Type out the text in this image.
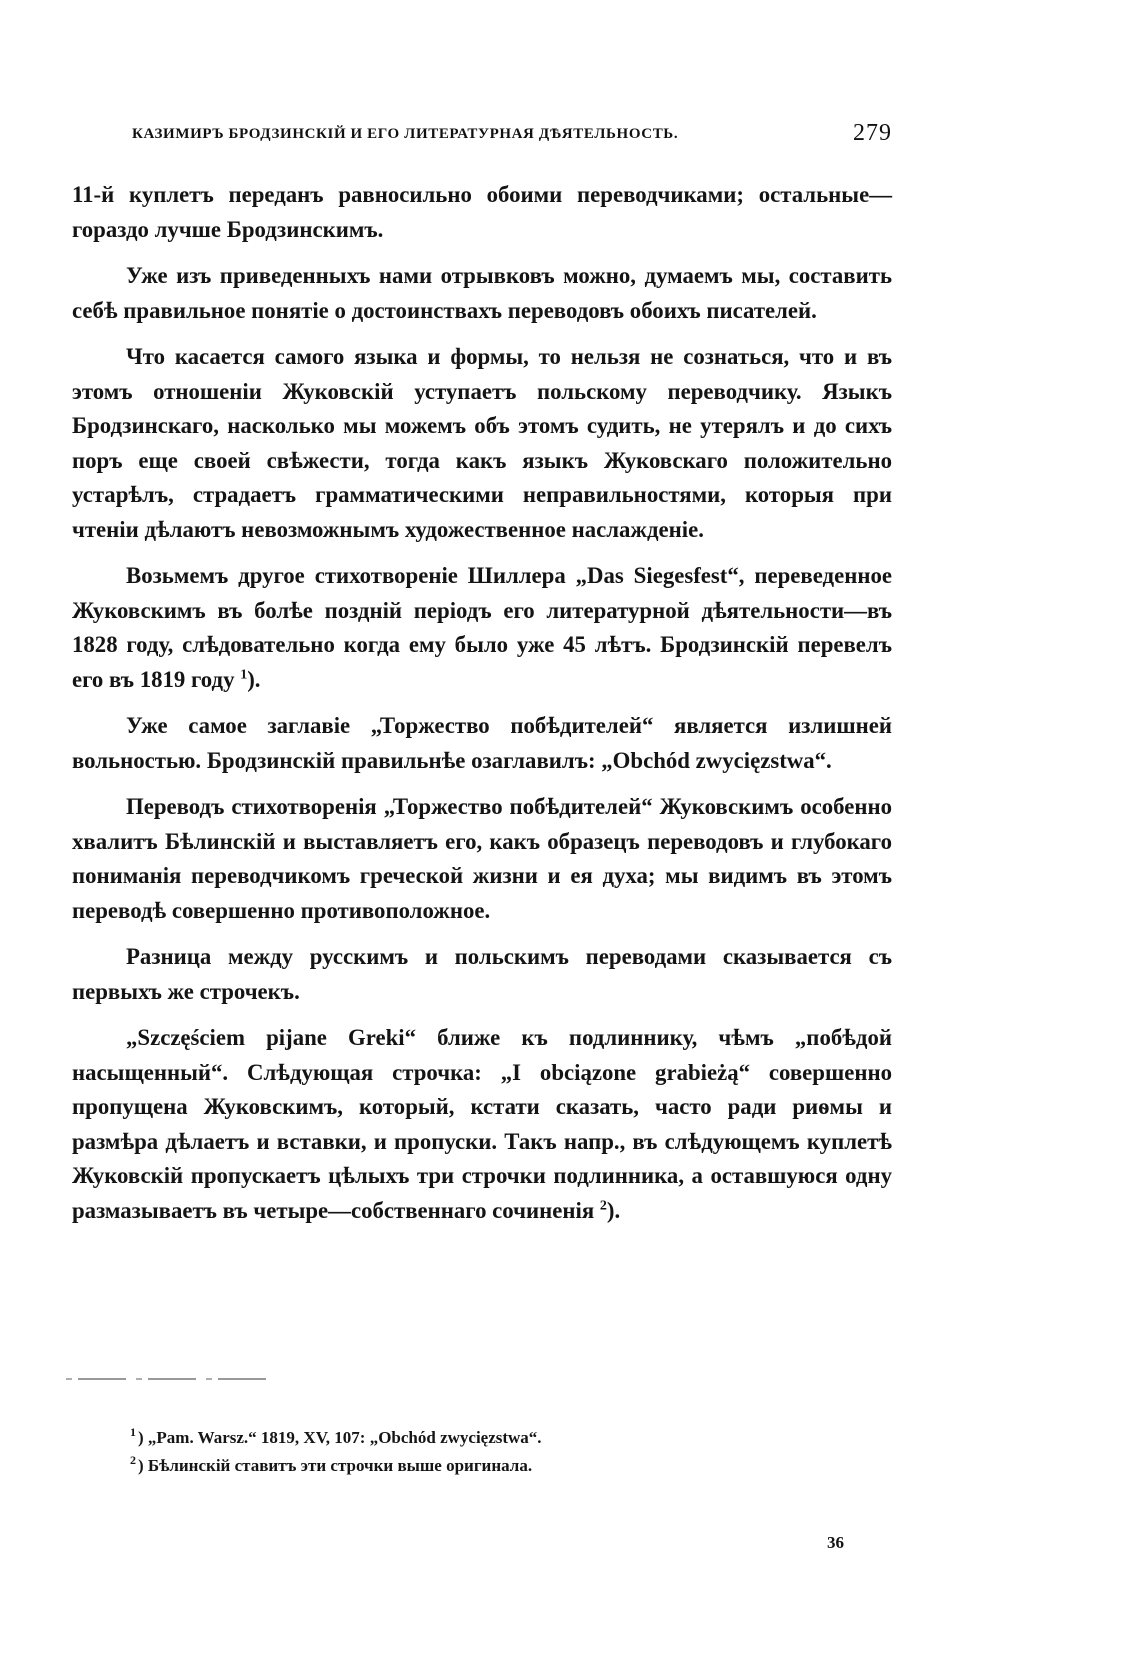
КАЗИМИРЪ БРОДЗИНСКІЙ И ЕГО ЛИТЕРАТУРНАЯ ДѢЯТЕЛЬНОСТЬ.	279

11-й куплетъ переданъ равносильно обоими переводчиками; остальные—гораздо лучше Бродзинскимъ.

Уже изъ приведенныхъ нами отрывковъ можно, думаемъ мы, составить себѣ правильное понятіе о достоинствахъ переводовъ обоихъ писателей.

Что касается самого языка и формы, то нельзя не сознаться, что и въ этомъ отношеніи Жуковскій уступаетъ польскому переводчику. Языкъ Бродзинскаго, насколько мы можемъ объ этомъ судить, не утерялъ и до сихъ поръ еще своей свѣжести, тогда какъ языкъ Жуковскаго положительно устарѣлъ, страдаетъ грамматическими неправильностями, которыя при чтеніи дѣлаютъ невозможнымъ художественное наслажденіе.

Возьмемъ другое стихотвореніе Шиллера „Das Siegesfest“, переведенное Жуковскимъ въ болѣе поздній періодъ его литературной дѣятельности—въ 1828 году, слѣдовательно когда ему было уже 45 лѣтъ. Бродзинскій перевелъ его въ 1819 году $^1$).

Уже самое заглавіе „Торжество побѣдителей“ является излишней вольностью. Бродзинскій правильнѣе озаглавилъ: „Obchód zwycięzstwa“.

Переводъ стихотворенія „Торжество побѣдителей“ Жуковскимъ особенно хвалитъ Бѣлинскій и выставляетъ его, какъ образецъ переводовъ и глубокаго пониманія переводчикомъ греческой жизни и ея духа; мы видимъ въ этомъ переводѣ совершенно противоположное.

Разница между русскимъ и польскимъ переводами сказывается съ первыхъ же строчекъ.

„Szczęściem pijane Greki“ ближе къ подлиннику, чѣмъ „побѣдой насыщенный“. Слѣдующая строчка: „I obciązone grabieżą“ совершенно пропущена Жуковскимъ, который, кстати сказать, часто ради риѳмы и размѣра дѣлаетъ и вставки, и пропуски. Такъ напр., въ слѣдующемъ куплетѣ Жуковскій пропускаетъ цѣлыхъ три строчки подлинника, а оставшуюся одну размазываетъ въ четыре—собственнаго сочиненія $^2$).

$^1$ ) „Pam. Warsz.“ 1819, XV, 107: „Obchód zwycięzstwa“.
$^2$ ) Бѣлинскій ставитъ эти строчки выше оригинала.
36
